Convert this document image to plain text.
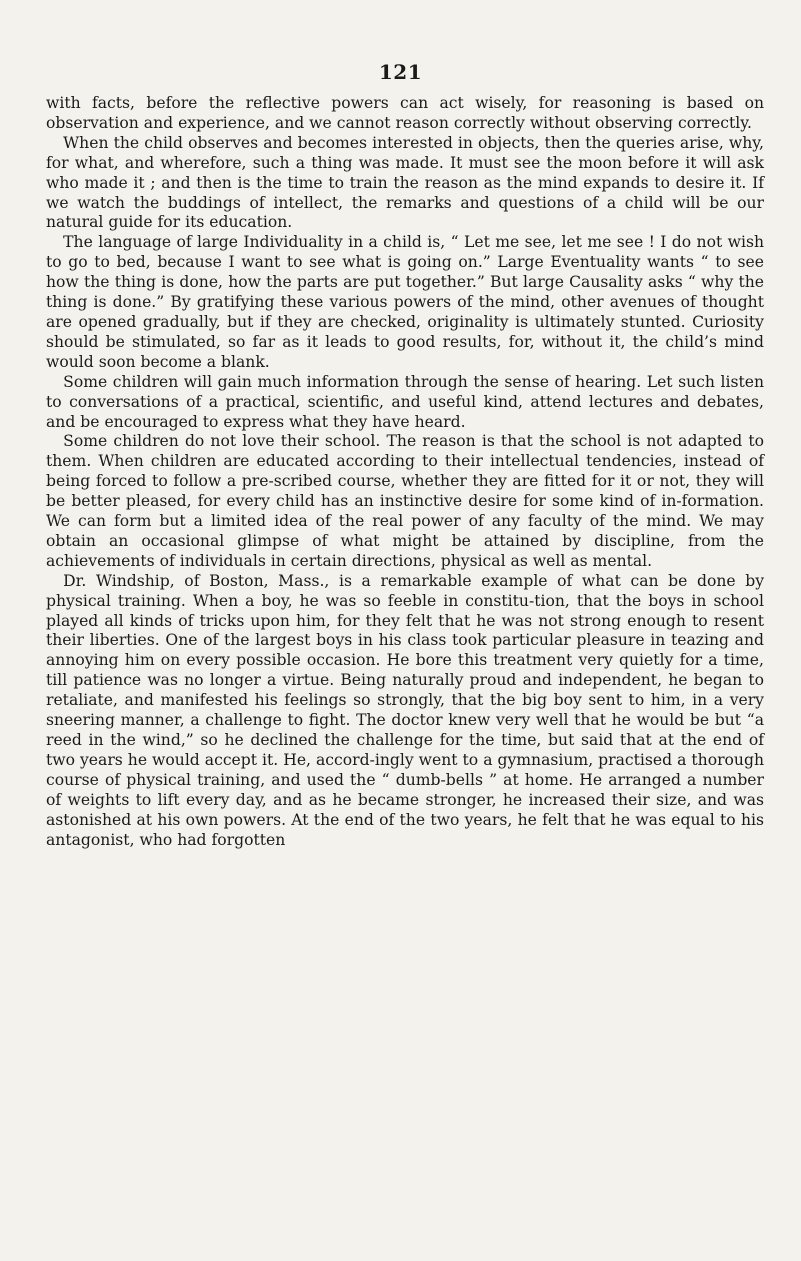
121

with facts, before the reflective powers can act wisely, for reasoning is based on observation and experience, and we cannot reason correctly without observing correctly.

When the child observes and becomes interested in objects, then the queries arise, why, for what, and wherefore, such a thing was made. It must see the moon before it will ask who made it ; and then is the time to train the reason as the mind expands to desire it. If we watch the buddings of intellect, the remarks and questions of a child will be our natural guide for its education.

The language of large Individuality in a child is, “ Let me see, let me see ! I do not wish to go to bed, because I want to see what is going on.” Large Eventuality wants “ to see how the thing is done, how the parts are put together.” But large Causality asks “ why the thing is done.” By gratifying these various powers of the mind, other avenues of thought are opened gradually, but if they are checked, originality is ultimately stunted. Curiosity should be stimulated, so far as it leads to good results, for, without it, the child’s mind would soon become a blank.

Some children will gain much information through the sense of hearing. Let such listen to conversations of a practical, scientific, and useful kind, attend lectures and debates, and be encouraged to express what they have heard.

Some children do not love their school. The reason is that the school is not adapted to them. When children are educated according to their intellectual tendencies, instead of being forced to follow a pre-scribed course, whether they are fitted for it or not, they will be better pleased, for every child has an instinctive desire for some kind of in-formation. We can form but a limited idea of the real power of any faculty of the mind. We may obtain an occasional glimpse of what might be attained by discipline, from the achievements of individuals in certain directions, physical as well as mental.

Dr. Windship, of Boston, Mass., is a remarkable example of what can be done by physical training. When a boy, he was so feeble in constitu-tion, that the boys in school played all kinds of tricks upon him, for they felt that he was not strong enough to resent their liberties. One of the largest boys in his class took particular pleasure in teazing and annoying him on every possible occasion. He bore this treatment very quietly for a time, till patience was no longer a virtue. Being naturally proud and independent, he began to retaliate, and manifested his feelings so strongly, that the big boy sent to him, in a very sneering manner, a challenge to fight. The doctor knew very well that he would be but “a reed in the wind,” so he declined the challenge for the time, but said that at the end of two years he would accept it. He, accord-ingly went to a gymnasium, practised a thorough course of physical training, and used the “ dumb-bells ” at home. He arranged a number of weights to lift every day, and as he became stronger, he increased their size, and was astonished at his own powers. At the end of the two years, he felt that he was equal to his antagonist, who had forgotten
